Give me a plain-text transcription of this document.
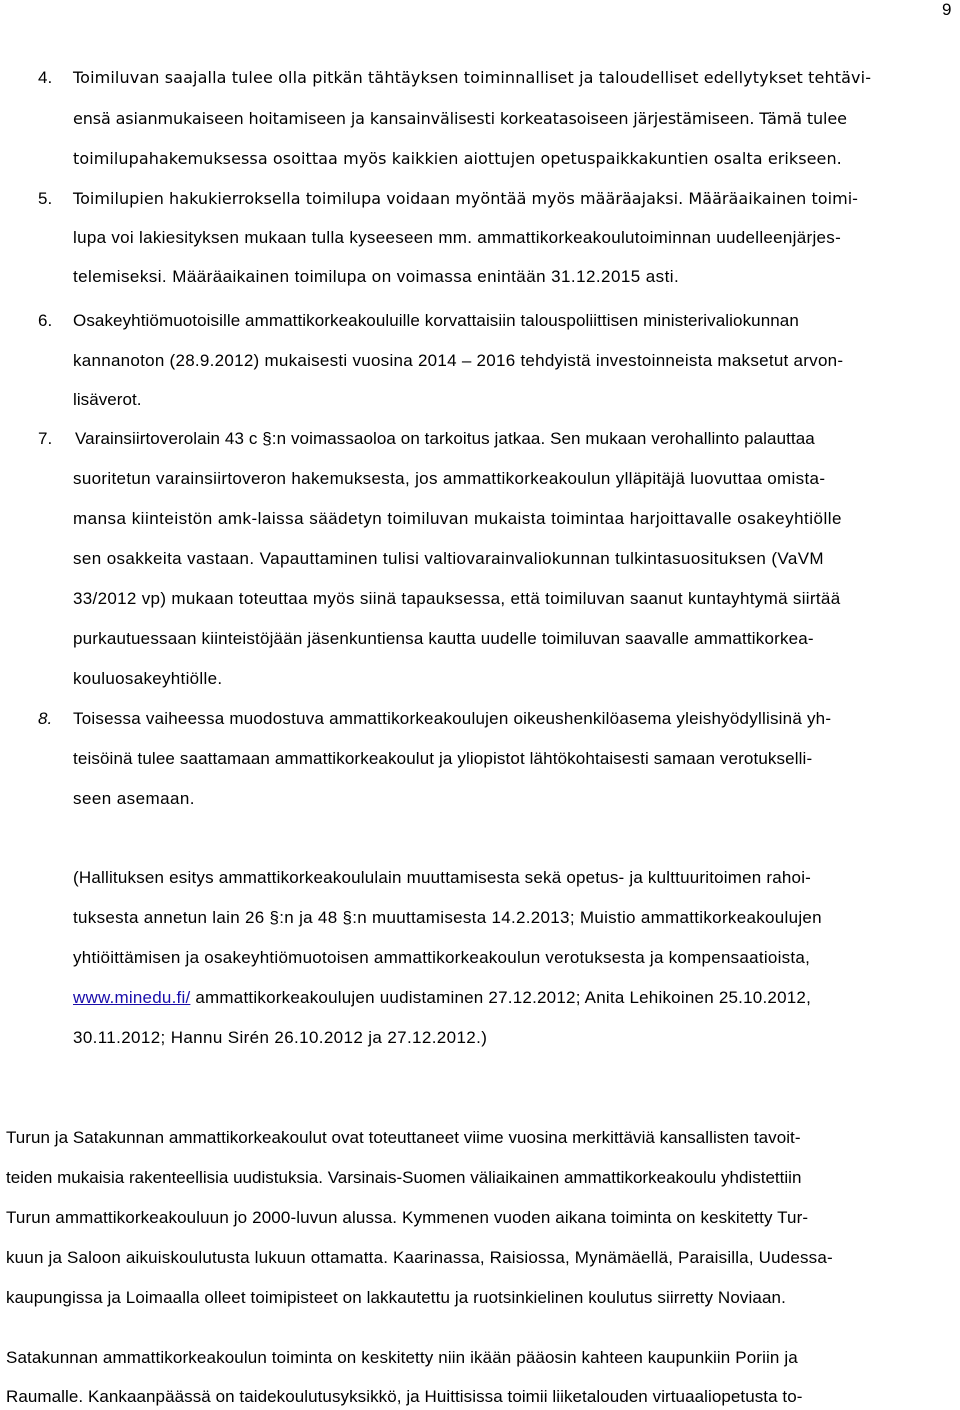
9
4. Toimiluvan saajalla tulee olla pitkän tähtäyksen toiminnalliset ja taloudelliset edellytykset tehtävi-
ensä asianmukaiseen hoitamiseen ja kansainvälisesti korkeatasoiseen järjestämiseen. Tämä tulee
toimilupahakemuksessa osoittaa myös kaikkien aiottujen opetuspaikkakuntien osalta erikseen.
5. Toimilupien hakukierroksella toimilupa voidaan myöntää myös määräajaksi. Määräaikainen toimi-
lupa voi lakiesityksen mukaan tulla kyseeseen mm. ammattikorkeakoulutoiminnan uudelleenjärjes-
telemiseksi. Määräaikainen toimilupa on voimassa enintään 31.12.2015 asti.
6. Osakeyhtiömuotoisille ammattikorkeakouluille korvattaisiin talouspoliittisen ministerivaliokunnan
kannanoton (28.9.2012) mukaisesti vuosina 2014 – 2016 tehdyistä investoinneista maksetut arvon-
lisäverot.
7. Varainsiirtoverolain 43 c §:n voimassaoloa on tarkoitus jatkaa. Sen mukaan verohallinto palauttaa
suoritetun varainsiirtoveron hakemuksesta, jos ammattikorkeakoulun ylläpitäjä luovuttaa omista-
mansa kiinteistön amk-laissa säädetyn toimiluvan mukaista toimintaa harjoittavalle osakeyhtiölle
sen osakkeita vastaan. Vapauttaminen tulisi valtiovarainvaliokunnan tulkintasuosituksen (VaVM
33/2012 vp) mukaan toteuttaa myös siinä tapauksessa, että toimiluvan saanut kuntayhtymä siirtää
purkautuessaan kiinteistöjään jäsenkuntiensa kautta uudelle toimiluvan saavalle ammattikorkea-
kouluosakeyhtiölle.
8. Toisessa vaiheessa muodostuva ammattikorkeakoulujen oikeushenkilöasema yleishyödyllisinä yh-
teisöinä tulee saattamaan ammattikorkeakoulut ja yliopistot lähtökohtaisesti samaan verotukselli-
seen asemaan.
(Hallituksen esitys ammattikorkeakoululain muuttamisesta sekä opetus- ja kulttuuritoimen rahoi-
tuksesta annetun lain 26 §:n ja 48 §:n muuttamisesta 14.2.2013; Muistio ammattikorkeakoulujen
yhtiöittämisen ja osakeyhtiömuotoisen ammattikorkeakoulun verotuksesta ja kompensaatioista,
www.minedu.fi/ ammattikorkeakoulujen uudistaminen 27.12.2012; Anita Lehikoinen 25.10.2012,
30.11.2012; Hannu Sirén 26.10.2012 ja 27.12.2012.)
Turun ja Satakunnan ammattikorkeakoulut ovat toteuttaneet viime vuosina merkittäviä kansallisten tavoit-
teiden mukaisia rakenteellisia uudistuksia. Varsinais-Suomen väliaikainen ammattikorkeakoulu yhdistettiin
Turun ammattikorkeakouluun jo 2000-luvun alussa. Kymmenen vuoden aikana toiminta on keskitetty Tur-
kuun ja Saloon aikuiskoulutusta lukuun ottamatta. Kaarinassa, Raisiossa, Mynämäellä, Paraisilla, Uudessa-
kaupungissa ja Loimaalla olleet toimipisteet on lakkautettu ja ruotsinkielinen koulutus siirretty Noviaan.
Satakunnan ammattikorkeakoulun toiminta on keskitetty niin ikään pääosin kahteen kaupunkiin Poriin ja
Raumalle. Kankaanpäässä on taidekoulutusyksikkö, ja Huittisissa toimii liiketalouden virtuaaliopetusta to-
